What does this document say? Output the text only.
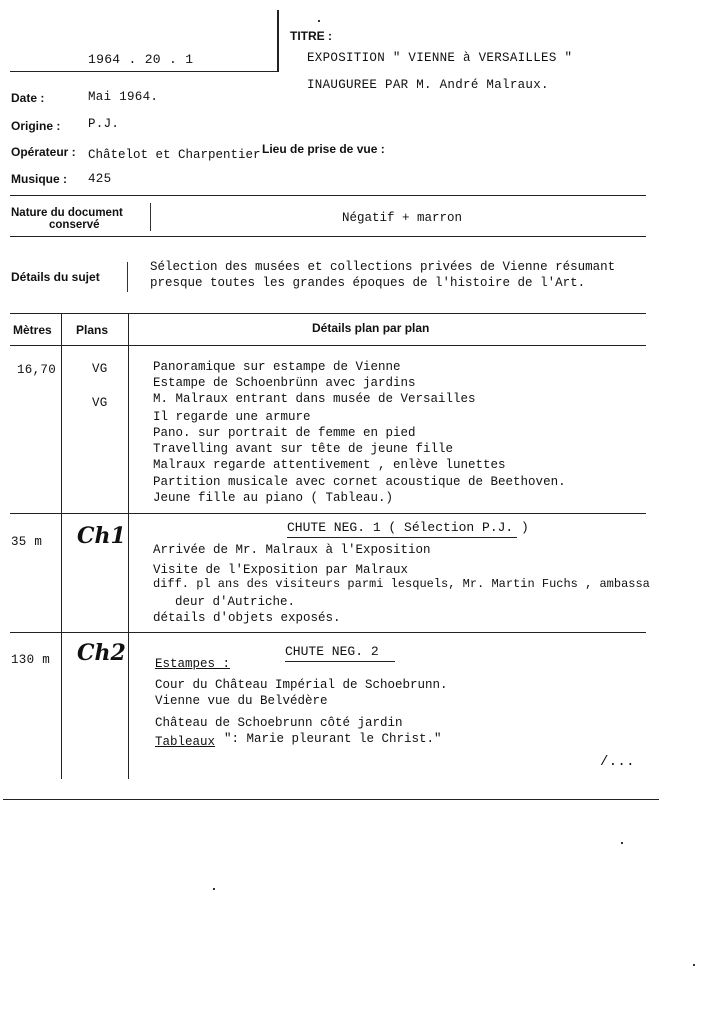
1964 . 20 . 1
TITRE :
EXPOSITION " VIENNE à VERSAILLES "
INAUGUREE PAR M. André Malraux.
Date :	Mai 1964.
Origine : P.J.
Opérateur : Châtelot et Charpentier Lieu de prise de vue :
Musique : 425
Nature du document
conservé	Négatif + marron
Détails du sujet
Sélection des musées et collections privées de Vienne résumant
presque toutes les grandes époques de l'histoire de l'Art.
Mètres Plans	Détails plan par plan
16,70	VG
VG
Panoramique sur estampe de Vienne
Estampe de Schoenbrünn avec jardins
M. Malraux entrant dans musée de Versailles
Il regarde une armure
Pano. sur portrait de femme en pied
Travelling avant sur tête de jeune fille
Malraux regarde attentivement , enlève lunettes
Partition musicale avec cornet acoustique de Beethoven.
Jeune fille au piano ( Tableau.)
35 m Ch1	CHUTE NEG. 1 ( Sélection P.J. )
Arrivée de Mr. Malraux à l'Exposition
Visite de l'Exposition par Malraux
diff. pl ans des visiteurs parmi lesquels, Mr. Martin Fuchs , ambassa
deur d'Autriche.
détails d'objets exposés.
130 m Ch2	CHUTE NEG. 2
Estampes :
Cour du Château Impérial de Schoebrunn.
Vienne vue du Belvédère
Château de Schoebrunn côté jardin
Tableaux ": Marie pleurant le Christ."
/...
